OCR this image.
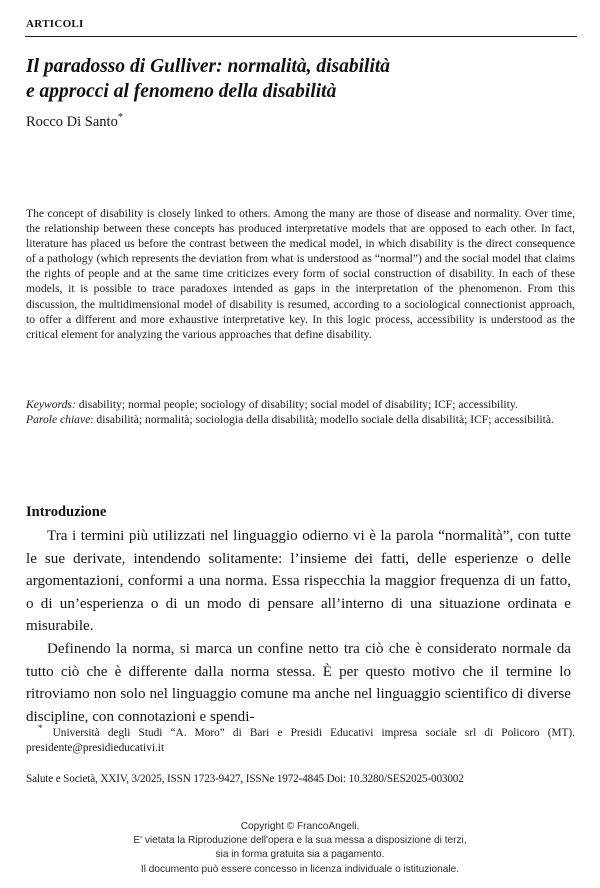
articoli
Il paradosso di Gulliver: normalità, disabilità
e approcci al fenomeno della disabilità
Rocco Di Santo*
The concept of disability is closely linked to others. Among the many are those of disease and normality. Over time, the relationship between these concepts has produced interpretative models that are opposed to each other. In fact, literature has placed us before the contrast between the medical model, in which disability is the direct consequence of a pathology (which represents the deviation from what is understood as “normal”) and the social model that claims the rights of people and at the same time criticizes every form of social construction of disability. In each of these models, it is possible to trace paradoxes intended as gaps in the interpretation of the phenomenon. From this discussion, the multidimensional model of disability is resumed, according to a sociological connectionist approach, to offer a different and more exhaustive interpretative key. In this logic process, accessibility is understood as the critical element for analyzing the various approaches that define disability.

Keywords: disability; normal people; sociology of disability; social model of disability; ICF; accessibility.

Parole chiave: disabilità; normalità; sociologia della disabilità; modello sociale della disabilità; ICF; accessibilità.

Introduzione

Tra i termini più utilizzati nel linguaggio odierno vi è la parola “normalità”, con tutte le sue derivate, intendendo solitamente: l’insieme dei fatti, delle esperienze o delle argomentazioni, conformi a una norma. Essa rispecchia la maggior frequenza di un fatto, o di un’esperienza o di un modo di pensare all’interno di una situazione ordinata e misurabile.

Definendo la norma, si marca un confine netto tra ciò che è considerato normale da tutto ciò che è differente dalla norma stessa. È per questo motivo che il termine lo ritroviamo non solo nel linguaggio comune ma anche nel linguaggio scientifico di diverse discipline, con connotazioni e spendi-

* Università degli Studi “A. Moro” di Bari e Presidi Educativi impresa sociale srl di Policoro (MT). presidente@presidieducativi.it
Salute e Società, XXIV, 3/2025, ISSN 1723-9427, ISSNe 1972-4845 Doi: 10.3280/SES2025-003002
Copyright © FrancoAngeli.
E' vietata la Riproduzione dell'opera e la sua messa a disposizione di terzi,
sia in forma gratuita sia a pagamento.
Il documento può essere concesso in licenza individuale o istituzionale.
